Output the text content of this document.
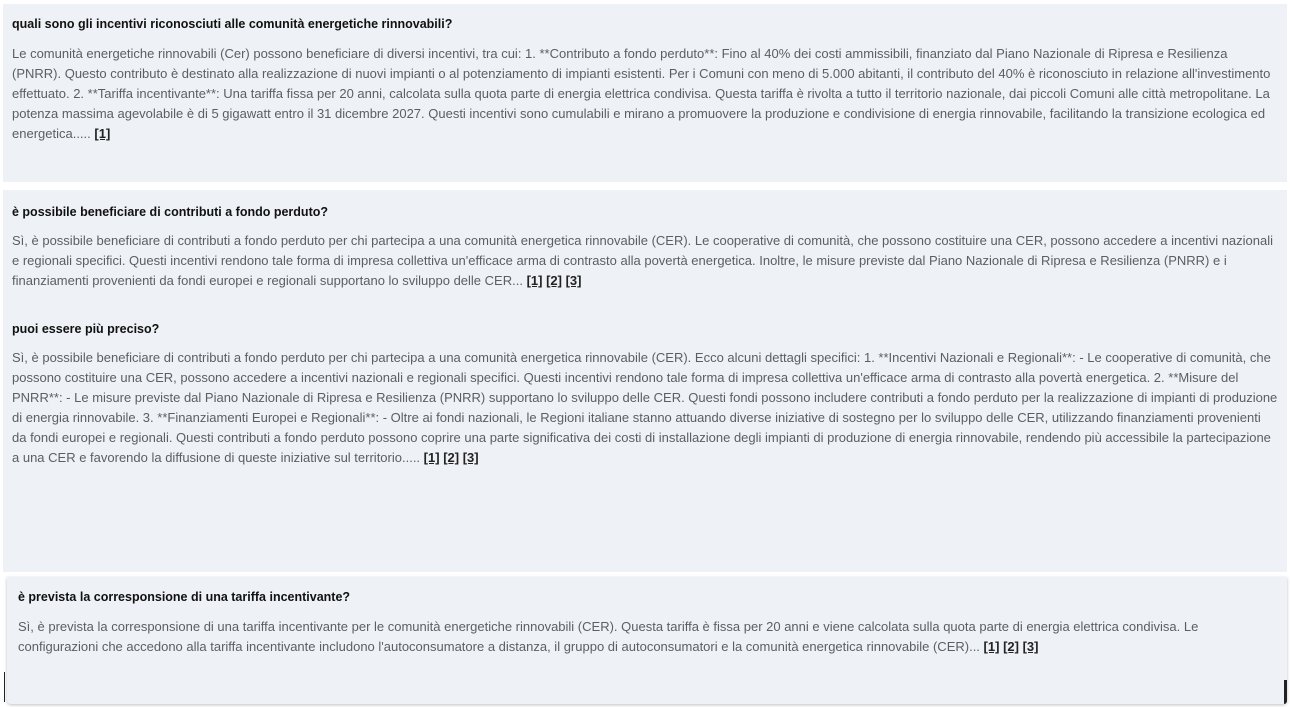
quali sono gli incentivi riconosciuti alle comunità energetiche rinnovabili?

Le comunità energetiche rinnovabili (Cer) possono beneficiare di diversi incentivi, tra cui: 1. **Contributo a fondo perduto**: Fino al 40% dei costi ammissibili, finanziato dal Piano Nazionale di Ripresa e Resilienza (PNRR). Questo contributo è destinato alla realizzazione di nuovi impianti o al potenziamento di impianti esistenti. Per i Comuni con meno di 5.000 abitanti, il contributo del 40% è riconosciuto in relazione all'investimento effettuato. 2. **Tariffa incentivante**: Una tariffa fissa per 20 anni, calcolata sulla quota parte di energia elettrica condivisa. Questa tariffa è rivolta a tutto il territorio nazionale, dai piccoli Comuni alle città metropolitane. La potenza massima agevolabile è di 5 gigawatt entro il 31 dicembre 2027. Questi incentivi sono cumulabili e mirano a promuovere la produzione e condivisione di energia rinnovabile, facilitando la transizione ecologica ed energetica..... [1]

è possibile beneficiare di contributi a fondo perduto?

Sì, è possibile beneficiare di contributi a fondo perduto per chi partecipa a una comunità energetica rinnovabile (CER). Le cooperative di comunità, che possono costituire una CER, possono accedere a incentivi nazionali e regionali specifici. Questi incentivi rendono tale forma di impresa collettiva un'efficace arma di contrasto alla povertà energetica. Inoltre, le misure previste dal Piano Nazionale di Ripresa e Resilienza (PNRR) e i finanziamenti provenienti da fondi europei e regionali supportano lo sviluppo delle CER... [1] [2] [3]

puoi essere più preciso?

Sì, è possibile beneficiare di contributi a fondo perduto per chi partecipa a una comunità energetica rinnovabile (CER). Ecco alcuni dettagli specifici: 1. **Incentivi Nazionali e Regionali**: - Le cooperative di comunità, che possono costituire una CER, possono accedere a incentivi nazionali e regionali specifici. Questi incentivi rendono tale forma di impresa collettiva un'efficace arma di contrasto alla povertà energetica. 2. **Misure del PNRR**: - Le misure previste dal Piano Nazionale di Ripresa e Resilienza (PNRR) supportano lo sviluppo delle CER. Questi fondi possono includere contributi a fondo perduto per la realizzazione di impianti di produzione di energia rinnovabile. 3. **Finanziamenti Europei e Regionali**: - Oltre ai fondi nazionali, le Regioni italiane stanno attuando diverse iniziative di sostegno per lo sviluppo delle CER, utilizzando finanziamenti provenienti da fondi europei e regionali. Questi contributi a fondo perduto possono coprire una parte significativa dei costi di installazione degli impianti di produzione di energia rinnovabile, rendendo più accessibile la partecipazione a una CER e favorendo la diffusione di queste iniziative sul territorio..... [1] [2] [3]

è prevista la corresponsione di una tariffa incentivante?

Sì, è prevista la corresponsione di una tariffa incentivante per le comunità energetiche rinnovabili (CER). Questa tariffa è fissa per 20 anni e viene calcolata sulla quota parte di energia elettrica condivisa. Le configurazioni che accedono alla tariffa incentivante includono l'autoconsumatore a distanza, il gruppo di autoconsumatori e la comunità energetica rinnovabile (CER)... [1] [2] [3]
